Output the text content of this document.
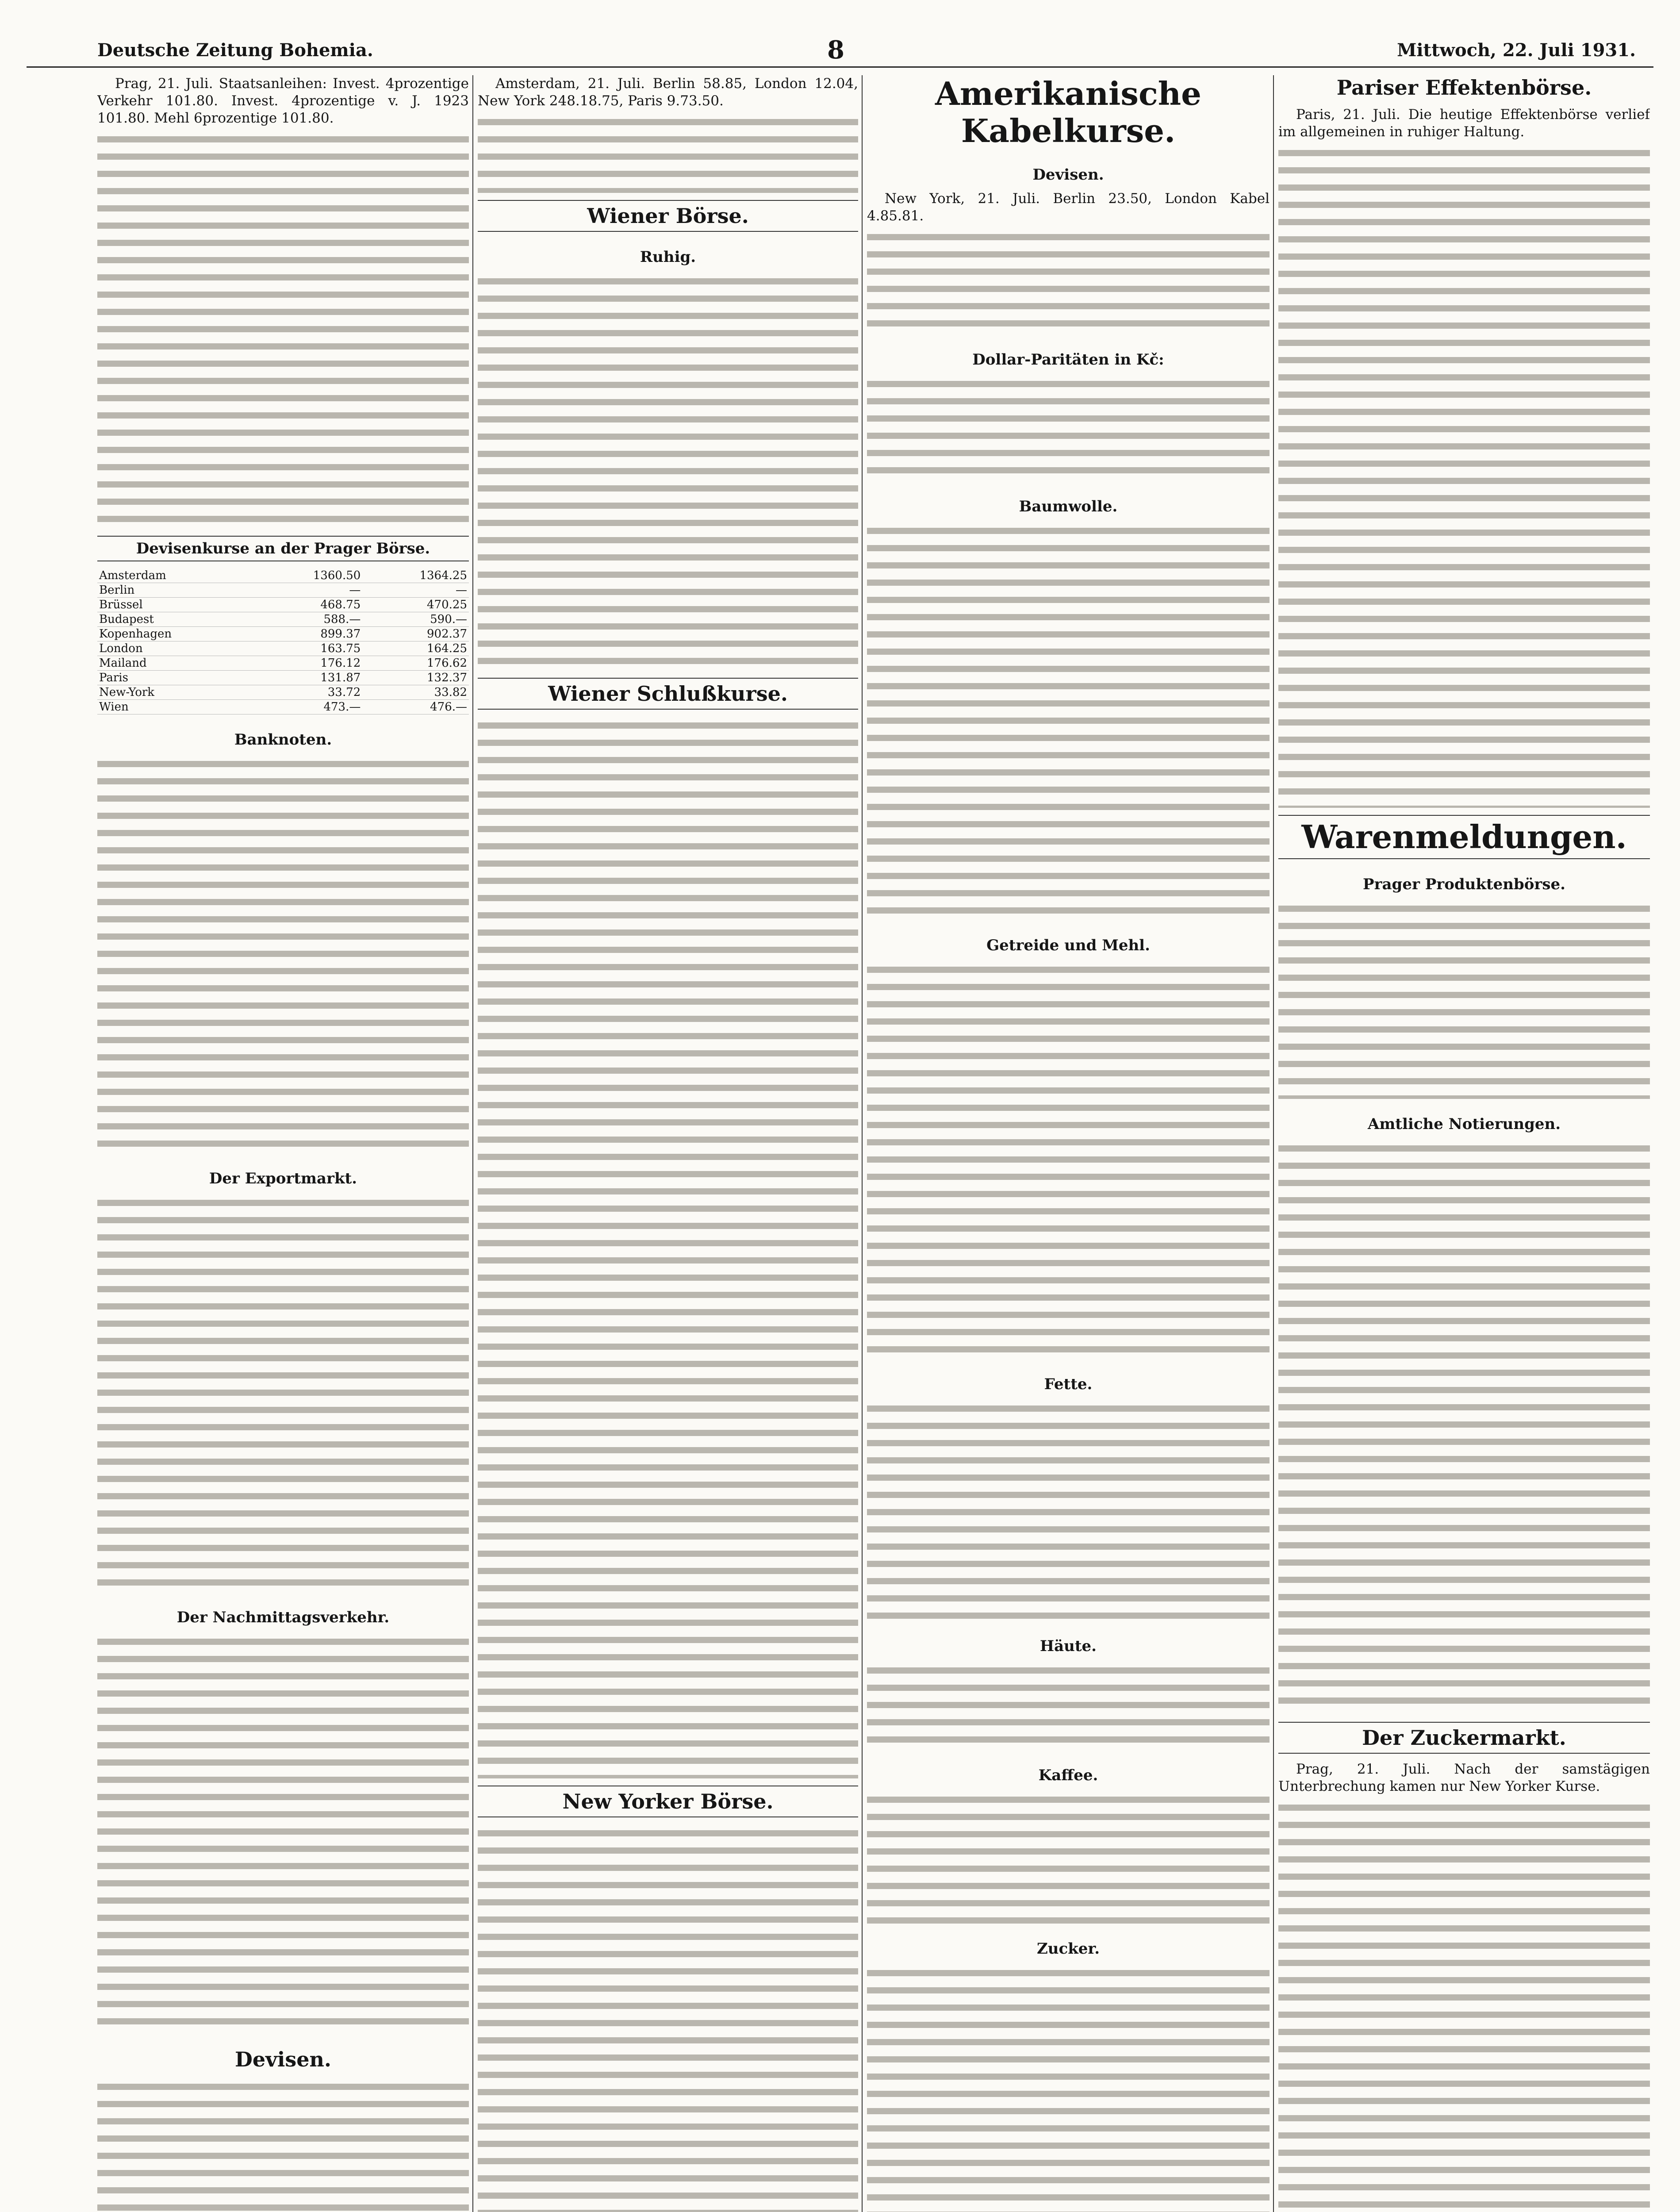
Deutsche Zeitung Bohemia.	8	Mittwoch, 22. Juli 1931.

Prag, 21. Juli. Staatsanleihen: Invest. 4prozentige Verkehr 101.80. Invest. 4prozentige v. J. 1923 101.80. Mehl 6prozentige 101.80.

Devisenkurse an der Prager Börse.
Amsterdam	1360.50	1364.25
Berlin	—	—
Brüssel	468.75	470.25
Budapest	588.—	590.—
Kopenhagen	899.37	902.37
London	163.75	164.25
Mailand	176.12	176.62
Paris	131.87	132.37
New-York	33.72	33.82
Wien	473.—	476.—
Banknoten.
Der Exportmarkt.
Der Nachmittagsverkehr.
Devisen.

Amsterdam, 21. Juli. Berlin 58.85, London 12.04, New York 248.18.75, Paris 9.73.50.

Wiener Börse.
Ruhig.
Wiener Schlußkurse.
New Yorker Börse.
Amerikanische Kabelkurse.
Devisen.

New York, 21. Juli. Berlin 23.50, London Kabel 4.85.81.

Dollar-Paritäten in Kč:
Baumwolle.
Getreide und Mehl.
Fette.
Häute.
Kaffee.
Zucker.
Pariser Effektenbörse.

Paris, 21. Juli. Die heutige Effektenbörse verlief im allgemeinen in ruhiger Haltung.

Warenmeldungen.
Prager Produktenbörse.
Amtliche Notierungen.
Der Zuckermarkt.

Prag, 21. Juli. Nach der samstägigen Unterbrechung kamen nur New Yorker Kurse.
